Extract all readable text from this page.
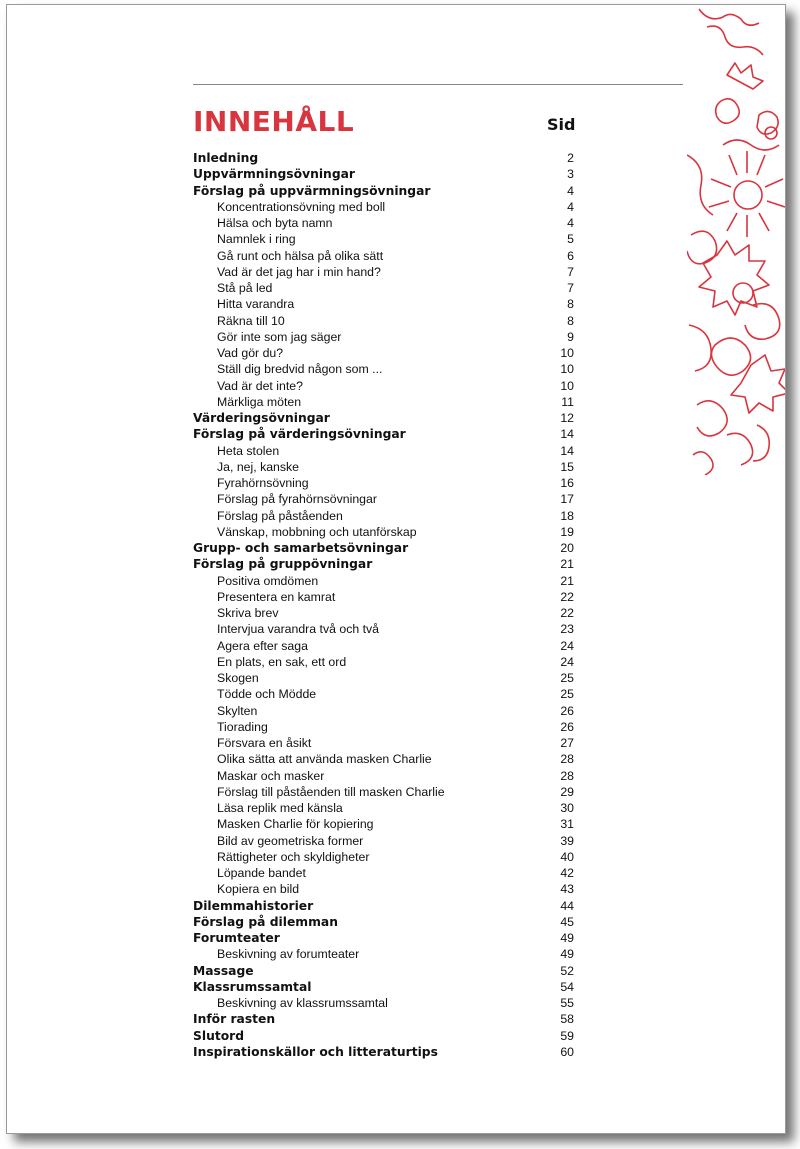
INNEHÅLL	Sid
Inledning	2
Uppvärmningsövningar	3
Förslag på uppvärmningsövningar	4
Koncentrationsövning med boll	4
Hälsa och byta namn	4
Namnlek i ring	5
Gå runt och hälsa på olika sätt	6
Vad är det jag har i min hand?	7
Stå på led	7
Hitta varandra	8
Räkna till 10	8
Gör inte som jag säger	9
Vad gör du?	10
Ställ dig bredvid någon som ...	10
Vad är det inte?	10
Märkliga möten	11
Värderingsövningar	12
Förslag på värderingsövningar	14
Heta stolen	14
Ja, nej, kanske	15
Fyrahörnsövning	16
Förslag på fyrahörnsövningar	17
Förslag på påståenden	18
Vänskap, mobbning och utanförskap	19
Grupp- och samarbetsövningar	20
Förslag på gruppövningar	21
Positiva omdömen	21
Presentera en kamrat	22
Skriva brev	22
Intervjua varandra två och två	23
Agera efter saga	24
En plats, en sak, ett ord	24
Skogen	25
Tödde och Mödde	25
Skylten	26
Tiorading	26
Försvara en åsikt	27
Olika sätta att använda masken Charlie	28
Maskar och masker	28
Förslag till påståenden till masken Charlie	29
Läsa replik med känsla	30
Masken Charlie för kopiering	31
Bild av geometriska former	39
Rättigheter och skyldigheter	40
Löpande bandet	42
Kopiera en bild	43
Dilemmahistorier	44
Förslag på dilemman	45
Forumteater	49
Beskivning av forumteater	49
Massage	52
Klassrumssamtal	54
Beskivning av klassrumssamtal	55
Inför rasten	58
Slutord	59
Inspirationskällor och litteraturtips	60
